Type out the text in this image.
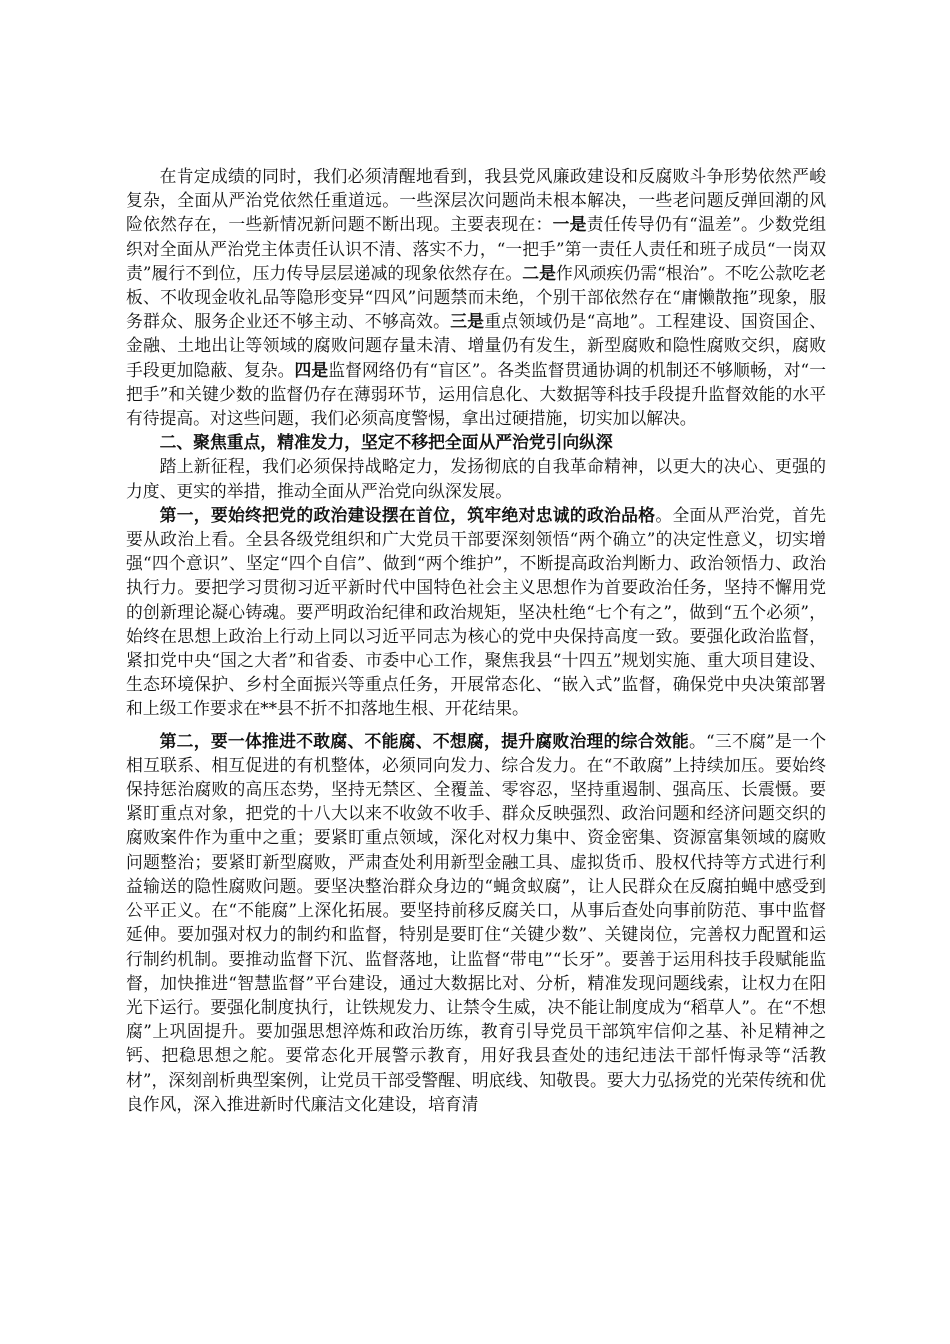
在肯定成绩的同时，我们必须清醒地看到，我县党风廉政建设和反腐败斗争形势依然严峻复杂，全面从严治党依然任重道远。一些深层次问题尚未根本解决，一些老问题反弹回潮的风险依然存在，一些新情况新问题不断出现。主要表现在：一是责任传导仍有“温差”。少数党组织对全面从严治党主体责任认识不清、落实不力，“一把手”第一责任人责任和班子成员“一岗双责”履行不到位，压力传导层层递减的现象依然存在。二是作风顽疾仍需“根治”。不吃公款吃老板、不收现金收礼品等隐形变异“四风”问题禁而未绝，个别干部依然存在“庸懒散拖”现象，服务群众、服务企业还不够主动、不够高效。三是重点领域仍是“高地”。工程建设、国资国企、金融、土地出让等领域的腐败问题存量未清、增量仍有发生，新型腐败和隐性腐败交织，腐败手段更加隐蔽、复杂。四是监督网络仍有“盲区”。各类监督贯通协调的机制还不够顺畅，对“一把手”和关键少数的监督仍存在薄弱环节，运用信息化、大数据等科技手段提升监督效能的水平有待提高。对这些问题，我们必须高度警惕，拿出过硬措施，切实加以解决。

二、聚焦重点，精准发力，坚定不移把全面从严治党引向纵深

踏上新征程，我们必须保持战略定力，发扬彻底的自我革命精神，以更大的决心、更强的力度、更实的举措，推动全面从严治党向纵深发展。

第一，要始终把党的政治建设摆在首位，筑牢绝对忠诚的政治品格。全面从严治党，首先要从政治上看。全县各级党组织和广大党员干部要深刻领悟“两个确立”的决定性意义，切实增强“四个意识”、坚定“四个自信”、做到“两个维护”，不断提高政治判断力、政治领悟力、政治执行力。要把学习贯彻习近平新时代中国特色社会主义思想作为首要政治任务，坚持不懈用党的创新理论凝心铸魂。要严明政治纪律和政治规矩，坚决杜绝“七个有之”，做到“五个必须”，始终在思想上政治上行动上同以习近平同志为核心的党中央保持高度一致。要强化政治监督，紧扣党中央“国之大者”和省委、市委中心工作，聚焦我县“十四五”规划实施、重大项目建设、生态环境保护、乡村全面振兴等重点任务，开展常态化、“嵌入式”监督，确保党中央决策部署和上级工作要求在**县不折不扣落地生根、开花结果。

第二，要一体推进不敢腐、不能腐、不想腐，提升腐败治理的综合效能。“三不腐”是一个相互联系、相互促进的有机整体，必须同向发力、综合发力。在“不敢腐”上持续加压。要始终保持惩治腐败的高压态势，坚持无禁区、全覆盖、零容忍，坚持重遏制、强高压、长震慑。要紧盯重点对象，把党的十八大以来不收敛不收手、群众反映强烈、政治问题和经济问题交织的腐败案件作为重中之重；要紧盯重点领域，深化对权力集中、资金密集、资源富集领域的腐败问题整治；要紧盯新型腐败，严肃查处利用新型金融工具、虚拟货币、股权代持等方式进行利益输送的隐性腐败问题。要坚决整治群众身边的“蝇贪蚁腐”，让人民群众在反腐拍蝇中感受到公平正义。在“不能腐”上深化拓展。要坚持前移反腐关口，从事后查处向事前防范、事中监督延伸。要加强对权力的制约和监督，特别是要盯住“关键少数”、关键岗位，完善权力配置和运行制约机制。要推动监督下沉、监督落地，让监督“带电”“长牙”。要善于运用科技手段赋能监督，加快推进“智慧监督”平台建设，通过大数据比对、分析，精准发现问题线索，让权力在阳光下运行。要强化制度执行，让铁规发力、让禁令生威，决不能让制度成为“稻草人”。在“不想腐”上巩固提升。要加强思想淬炼和政治历练，教育引导党员干部筑牢信仰之基、补足精神之钙、把稳思想之舵。要常态化开展警示教育，用好我县查处的违纪违法干部忏悔录等“活教材”，深刻剖析典型案例，让党员干部受警醒、明底线、知敬畏。要大力弘扬党的光荣传统和优良作风，深入推进新时代廉洁文化建设，培育清
